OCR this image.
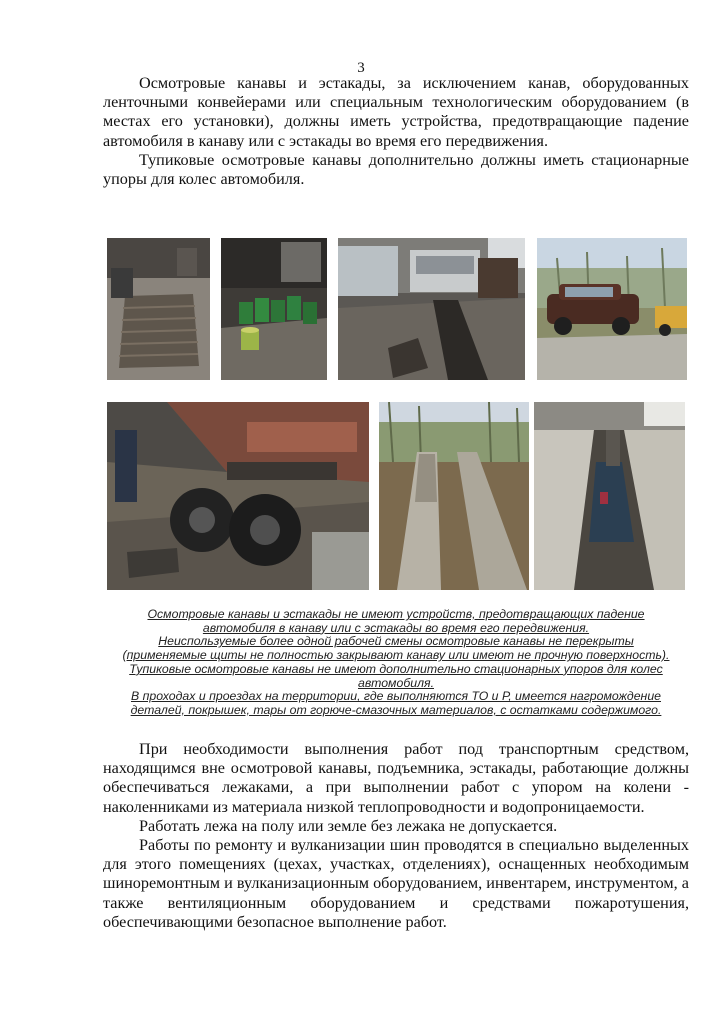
3

Осмотровые канавы и эстакады, за исключением канав, оборудованных ленточными конвейерами или специальным технологическим оборудованием (в местах его установки), должны иметь устройства, предотвращающие падение автомобиля в канаву или с эстакады во время его передвижения.

Тупиковые осмотровые канавы дополнительно должны иметь стационарные упоры для колес автомобиля.

Осмотровые канавы и эстакады не имеют устройств, предотвращающих падение
автомобиля в канаву или с эстакады во время его передвижения.
Неиспользуемые более одной рабочей смены осмотровые канавы не перекрыты
(применяемые щиты не полностью закрывают канаву или имеют не прочную поверхность).
Тупиковые осмотровые канавы не имеют дополнительно стационарных упоров для колес
автомобиля.
В проходах и проездах на территории, где выполняются ТО и Р, имеется нагромождение
деталей, покрышек, тары от горюче-смазочных материалов, с остатками содержимого.

При необходимости выполнения работ под транспортным средством, находящимся вне осмотровой канавы, подъемника, эстакады, работающие должны обеспечиваться лежаками, а при выполнении работ с упором на колени - наколенниками из материала низкой теплопроводности и водопроницаемости.

Работать лежа на полу или земле без лежака не допускается.

Работы по ремонту и вулканизации шин проводятся в специально выделенных для этого помещениях (цехах, участках, отделениях), оснащенных необходимым шиноремонтным и вулканизационным оборудованием, инвентарем, инструментом, а также вентиляционным оборудованием и средствами пожаротушения, обеспечивающими безопасное выполнение работ.
